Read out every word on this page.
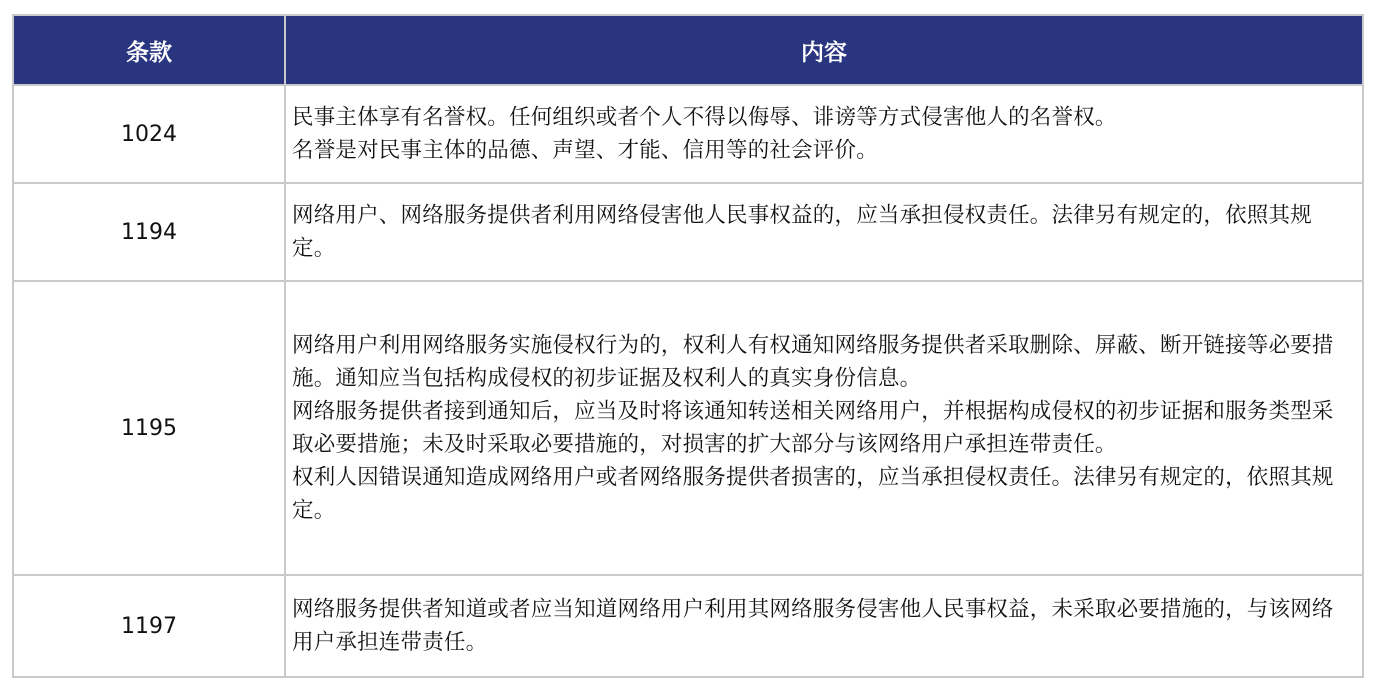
条款	内容
1024	民事主体享有名誉权。任何组织或者个人不得以侮辱、诽谤等方式侵害他人的名誉权。
名誉是对民事主体的品德、声望、才能、信用等的社会评价。

1194	网络用户、网络服务提供者利用网络侵害他人民事权益的，应当承担侵权责任。法律另有规定的，依照其规定。

1195	网络用户利用网络服务实施侵权行为的，权利人有权通知网络服务提供者采取删除、屏蔽、断开链接等必要措施。通知应当包括构成侵权的初步证据及权利人的真实身份信息。
网络服务提供者接到通知后，应当及时将该通知转送相关网络用户，并根据构成侵权的初步证据和服务类型采取必要措施；未及时采取必要措施的，对损害的扩大部分与该网络用户承担连带责任。
权利人因错误通知造成网络用户或者网络服务提供者损害的，应当承担侵权责任。法律另有规定的，依照其规定。

1197	网络服务提供者知道或者应当知道网络用户利用其网络服务侵害他人民事权益，未采取必要措施的，与该网络用户承担连带责任。
